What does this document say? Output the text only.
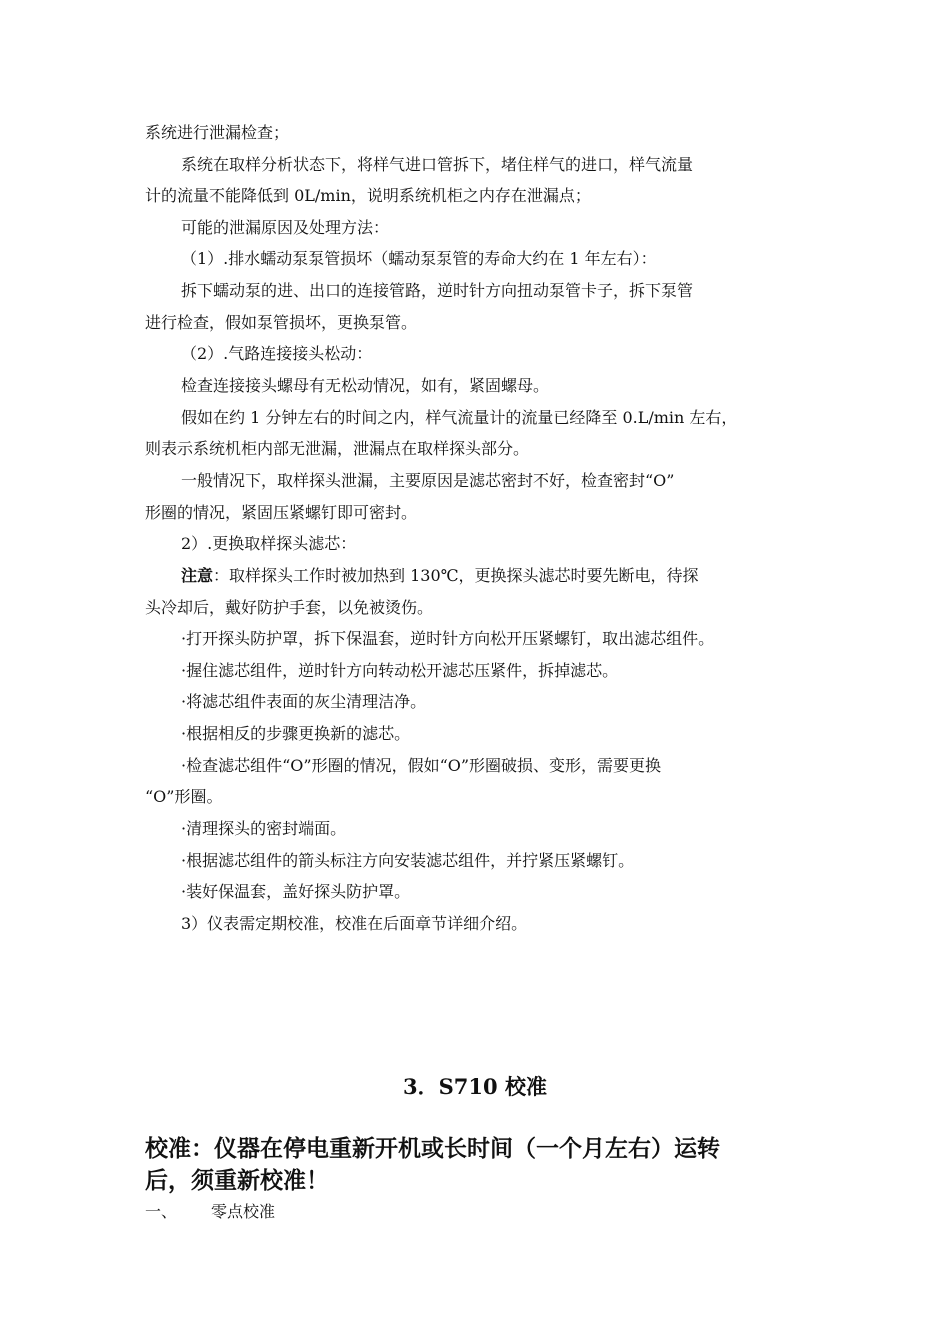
系统进行泄漏检查；
系统在取样分析状态下，将样气进口管拆下，堵住样气的进口，样气流量
计的流量不能降低到 0L/min，说明系统机柜之内存在泄漏点；
可能的泄漏原因及处理方法：
（1）.排水蠕动泵泵管损坏（蠕动泵泵管的寿命大约在 1 年左右）：
拆下蠕动泵的进、出口的连接管路，逆时针方向扭动泵管卡子，拆下泵管
进行检查，假如泵管损坏，更换泵管。
（2）.气路连接接头松动：
检查连接接头螺母有无松动情况，如有，紧固螺母。
假如在约 1 分钟左右的时间之内，样气流量计的流量已经降至 0.L/min 左右，
则表示系统机柜内部无泄漏，泄漏点在取样探头部分。
一般情况下，取样探头泄漏，主要原因是滤芯密封不好，检查密封“O”
形圈的情况，紧固压紧螺钉即可密封。
2）.更换取样探头滤芯：
注意：取样探头工作时被加热到 130℃，更换探头滤芯时要先断电，待探
头冷却后，戴好防护手套，以免被烫伤。
·打开探头防护罩，拆下保温套，逆时针方向松开压紧螺钉，取出滤芯组件。
·握住滤芯组件，逆时针方向转动松开滤芯压紧件，拆掉滤芯。
·将滤芯组件表面的灰尘清理洁净。
·根据相反的步骤更换新的滤芯。
·检查滤芯组件“O”形圈的情况，假如“O”形圈破损、变形，需要更换
“O”形圈。
·清理探头的密封端面。
·根据滤芯组件的箭头标注方向安装滤芯组件，并拧紧压紧螺钉。
·装好保温套，盖好探头防护罩。
3）仪表需定期校准，校准在后面章节详细介绍。
3．S710 校准
校准：仪器在停电重新开机或长时间（一个月左右）运转
后，须重新校准！
一、 零点校准
